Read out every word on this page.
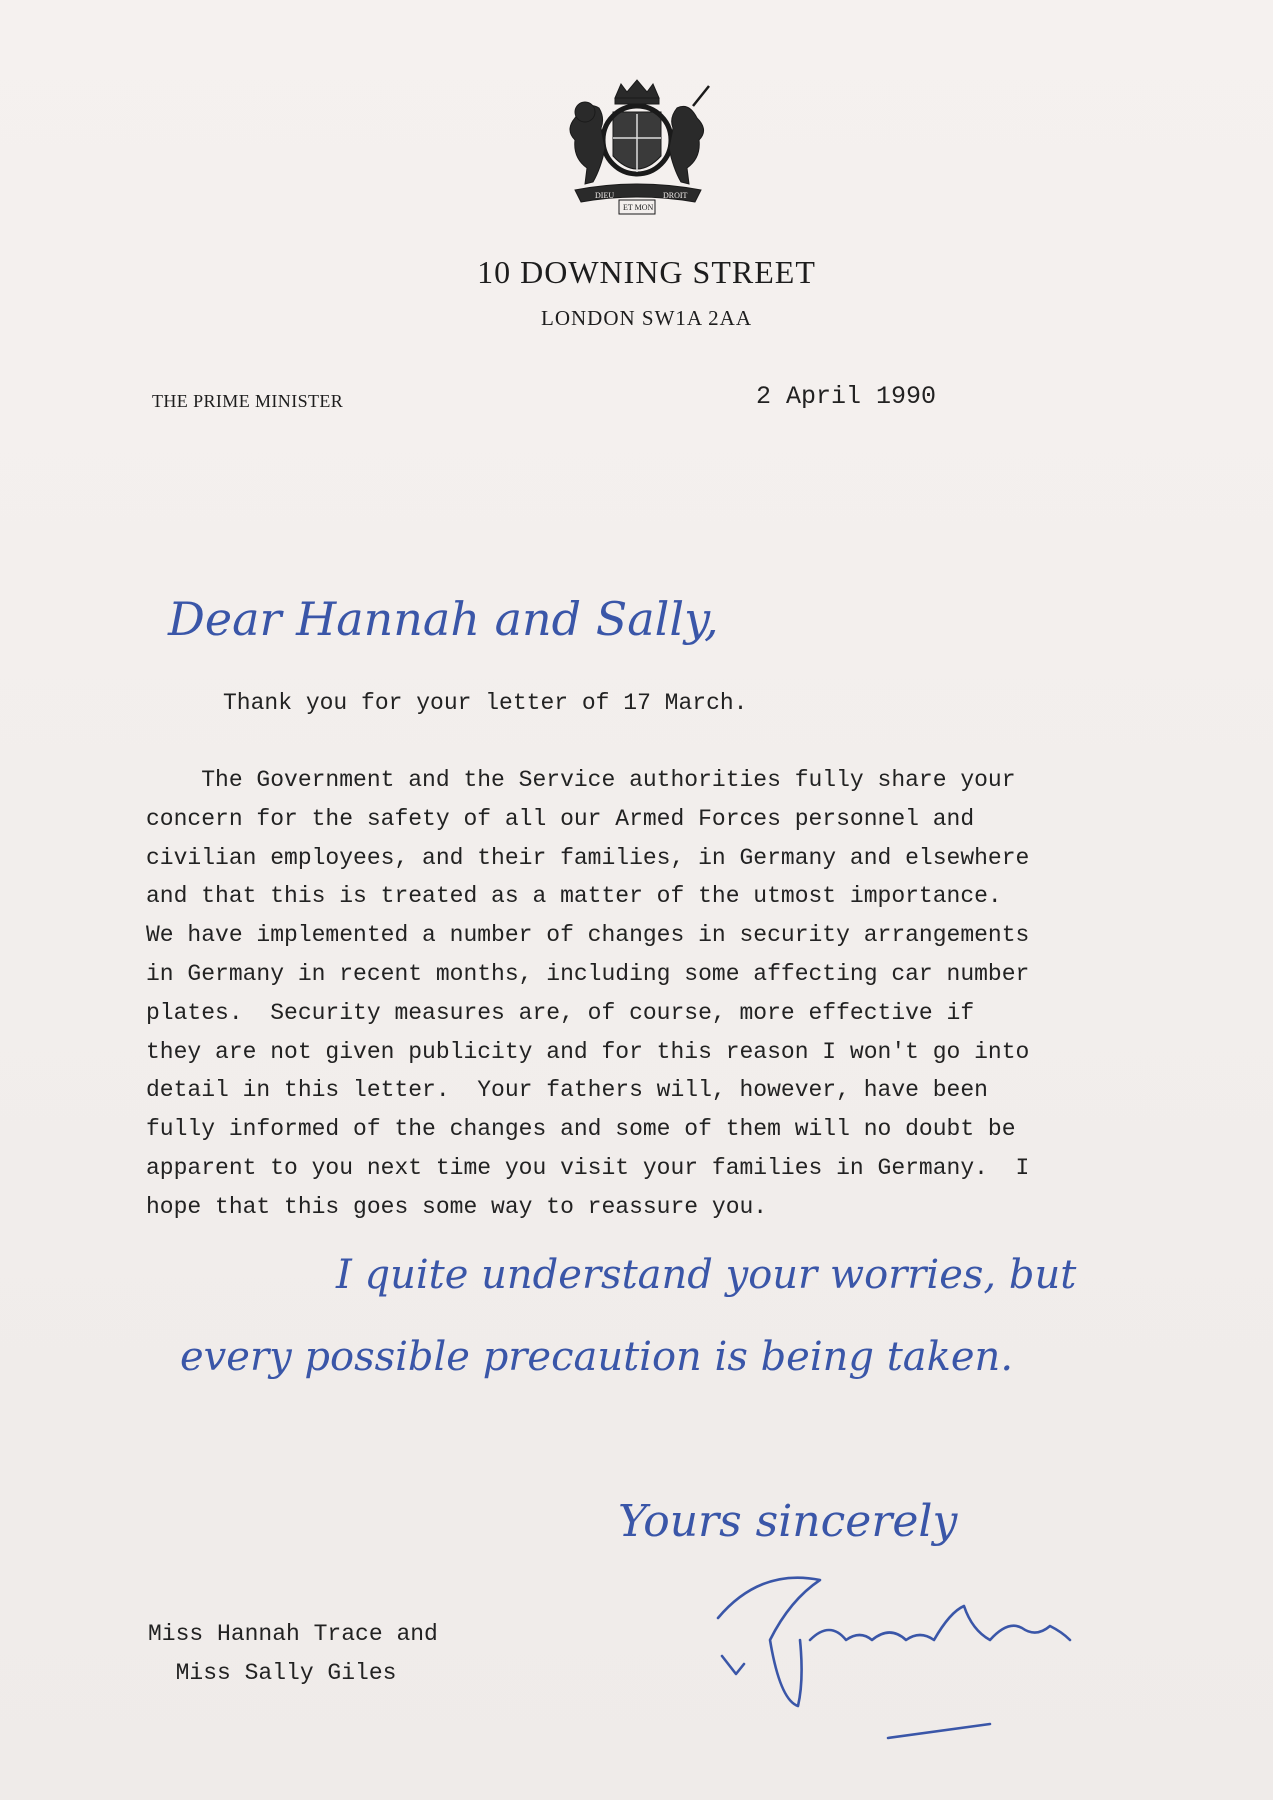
DIEU
ET MON
DROIT
10 DOWNING STREET
LONDON SW1A 2AA
THE PRIME MINISTER	2 April 1990
Dear Hannah and Sally,
Thank you for your letter of 17 March.
The Government and the Service authorities fully share your
concern for the safety of all our Armed Forces personnel and
civilian employees, and their families, in Germany and elsewhere
and that this is treated as a matter of the utmost importance.
We have implemented a number of changes in security arrangements
in Germany in recent months, including some affecting car number
plates.  Security measures are, of course, more effective if
they are not given publicity and for this reason I won't go into
detail in this letter.  Your fathers will, however, have been
fully informed of the changes and some of them will no doubt be
apparent to you next time you visit your families in Germany.  I
hope that this goes some way to reassure you.
I quite understand your worries, but
every possible precaution is being taken.
Yours sincerely
Miss Hannah Trace and
Miss Sally Giles
